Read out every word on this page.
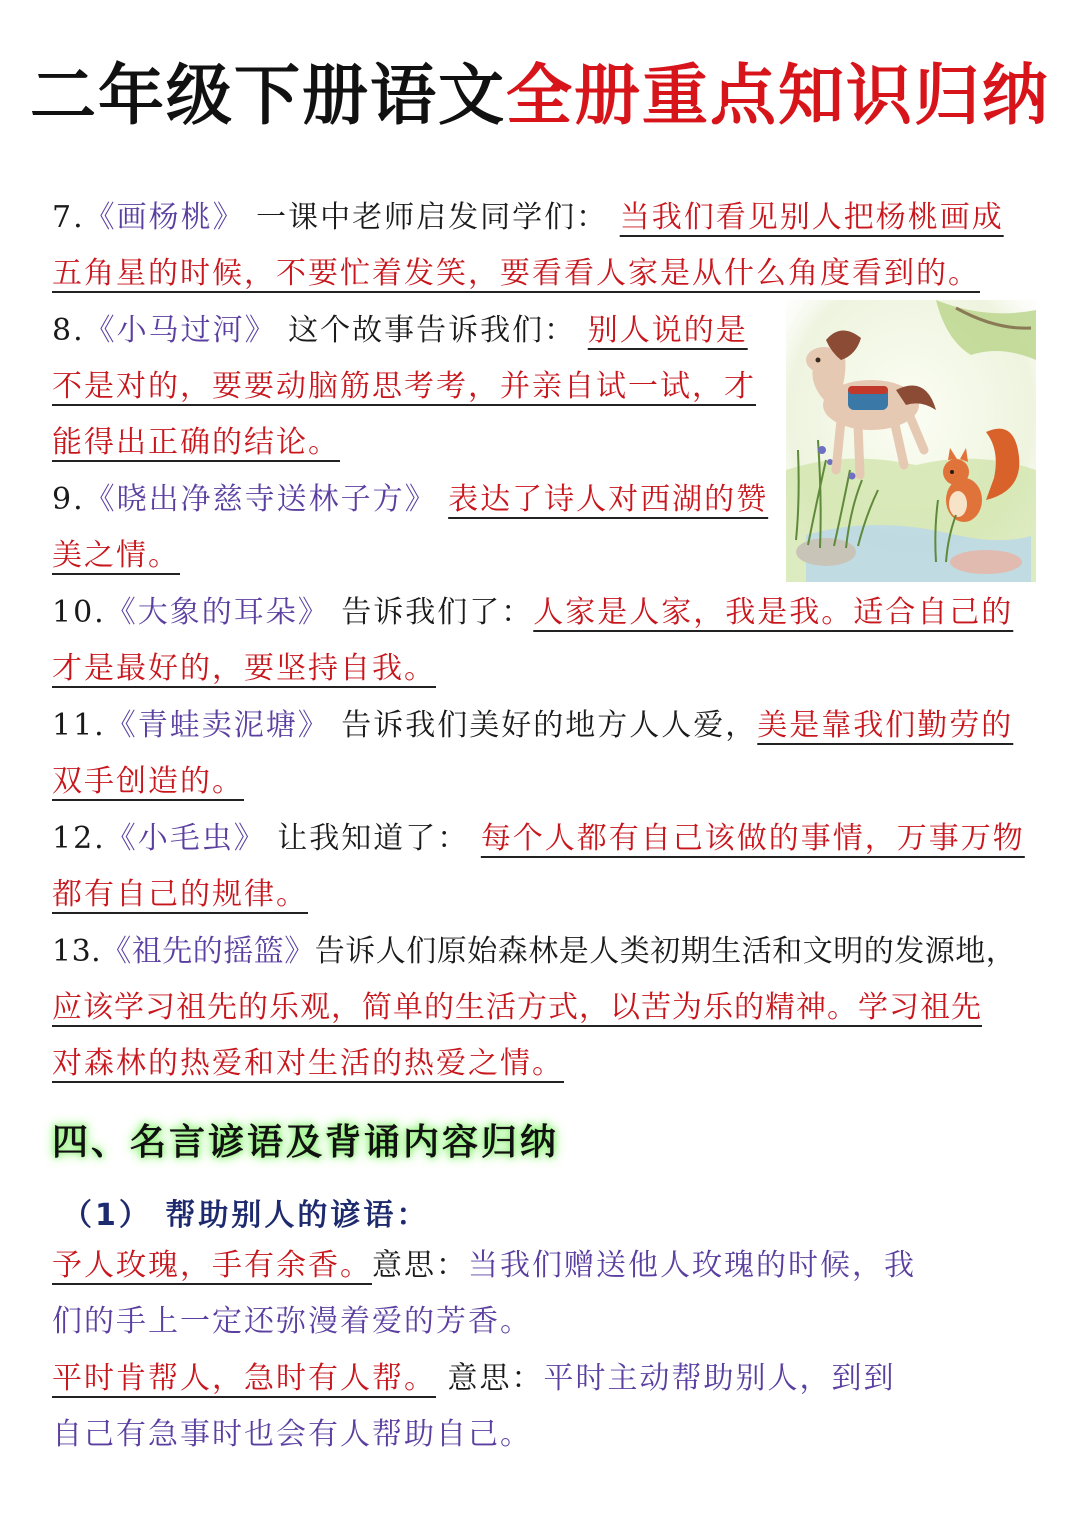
二年级下册语文全册重点知识归纳
7.《画杨桃》 一课中老师启发同学们： 当我们看见别人把杨桃画成
五角星的时候，不要忙着发笑，要看看人家是从什么角度看到的。
8.《小马过河》 这个故事告诉我们： 别人说的是
不是对的，要要动脑筋思考考，并亲自试一试，才
能得出正确的结论。
9.《晓出净慈寺送林子方》 表达了诗人对西湖的赞
美之情。
10.《大象的耳朵》 告诉我们了：人家是人家，我是我。适合自己的
才是最好的，要坚持自我。
11.《青蛙卖泥塘》 告诉我们美好的地方人人爱，美是靠我们勤劳的
双手创造的。
12.《小毛虫》 让我知道了： 每个人都有自己该做的事情，万事万物
都有自己的规律。
13.《祖先的摇篮》告诉人们原始森林是人类初期生活和文明的发源地，
应该学习祖先的乐观，简单的生活方式，以苦为乐的精神。学习祖先
对森林的热爱和对生活的热爱之情。
四、名言谚语及背诵内容归纳
（1） 帮助别人的谚语：
予人玫瑰，手有余香。意思：当我们赠送他人玫瑰的时候，我
们的手上一定还弥漫着爱的芳香。
平时肯帮人，急时有人帮。 意思：平时主动帮助别人，到到
自己有急事时也会有人帮助自己。
